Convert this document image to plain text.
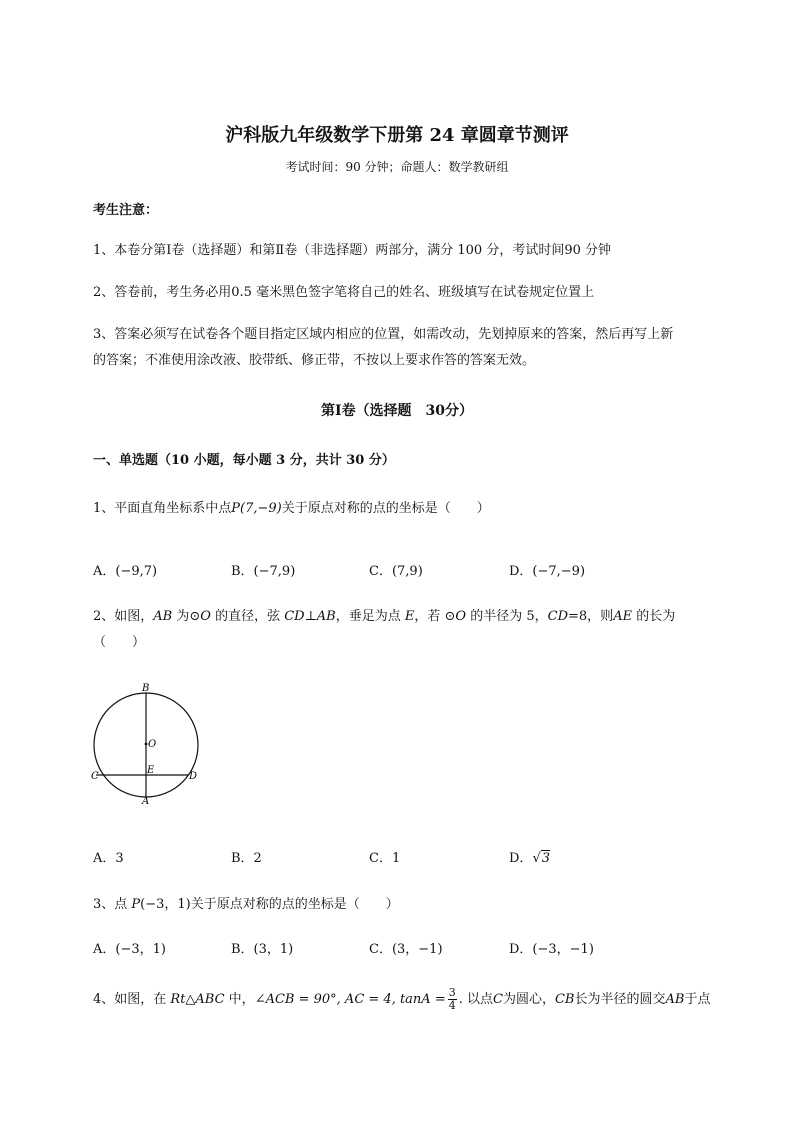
沪科版九年级数学下册第 24 章圆章节测评
考试时间：90 分钟；命题人：数学教研组
考生注意：
1、本卷分第Ⅰ卷（选择题）和第Ⅱ卷（非选择题）两部分，满分 100 分，考试时间90 分钟
2、答卷前，考生务必用0.5 毫米黑色签字笔将自己的姓名、班级填写在试卷规定位置上
3、答案必须写在试卷各个题目指定区域内相应的位置，如需改动，先划掉原来的答案，然后再写上新
的答案；不准使用涂改液、胶带纸、修正带，不按以上要求作答的答案无效。
第Ⅰ卷（选择题　30分）
一、单选题（10 小题，每小题 3 分，共计 30 分）
1、平面直角坐标系中点P(7,−9)关于原点对称的点的坐标是（　　）
A．(−9,7)	B．(−7,9)	C．(7,9)	D．(−7,−9)
2、如图，AB 为⊙O 的直径，弦 CD⊥AB，垂足为点 E，若 ⊙O 的半径为 5，CD=8，则AE 的长为
（　　）
B
O
C
E
D
A
A．3	B．2	C．1	D．√3
3、点 P(−3，1)关于原点对称的点的坐标是（　　）
A．(−3，1)	B．(3，1)	C．(3，−1)	D．(−3，−1)
4、如图，在 Rt△ABC 中，∠ACB = 90°, AC = 4, $\tan A = \frac{3}{4}$ . 以点C为圆心，CB长为半径的圆交AB于点
